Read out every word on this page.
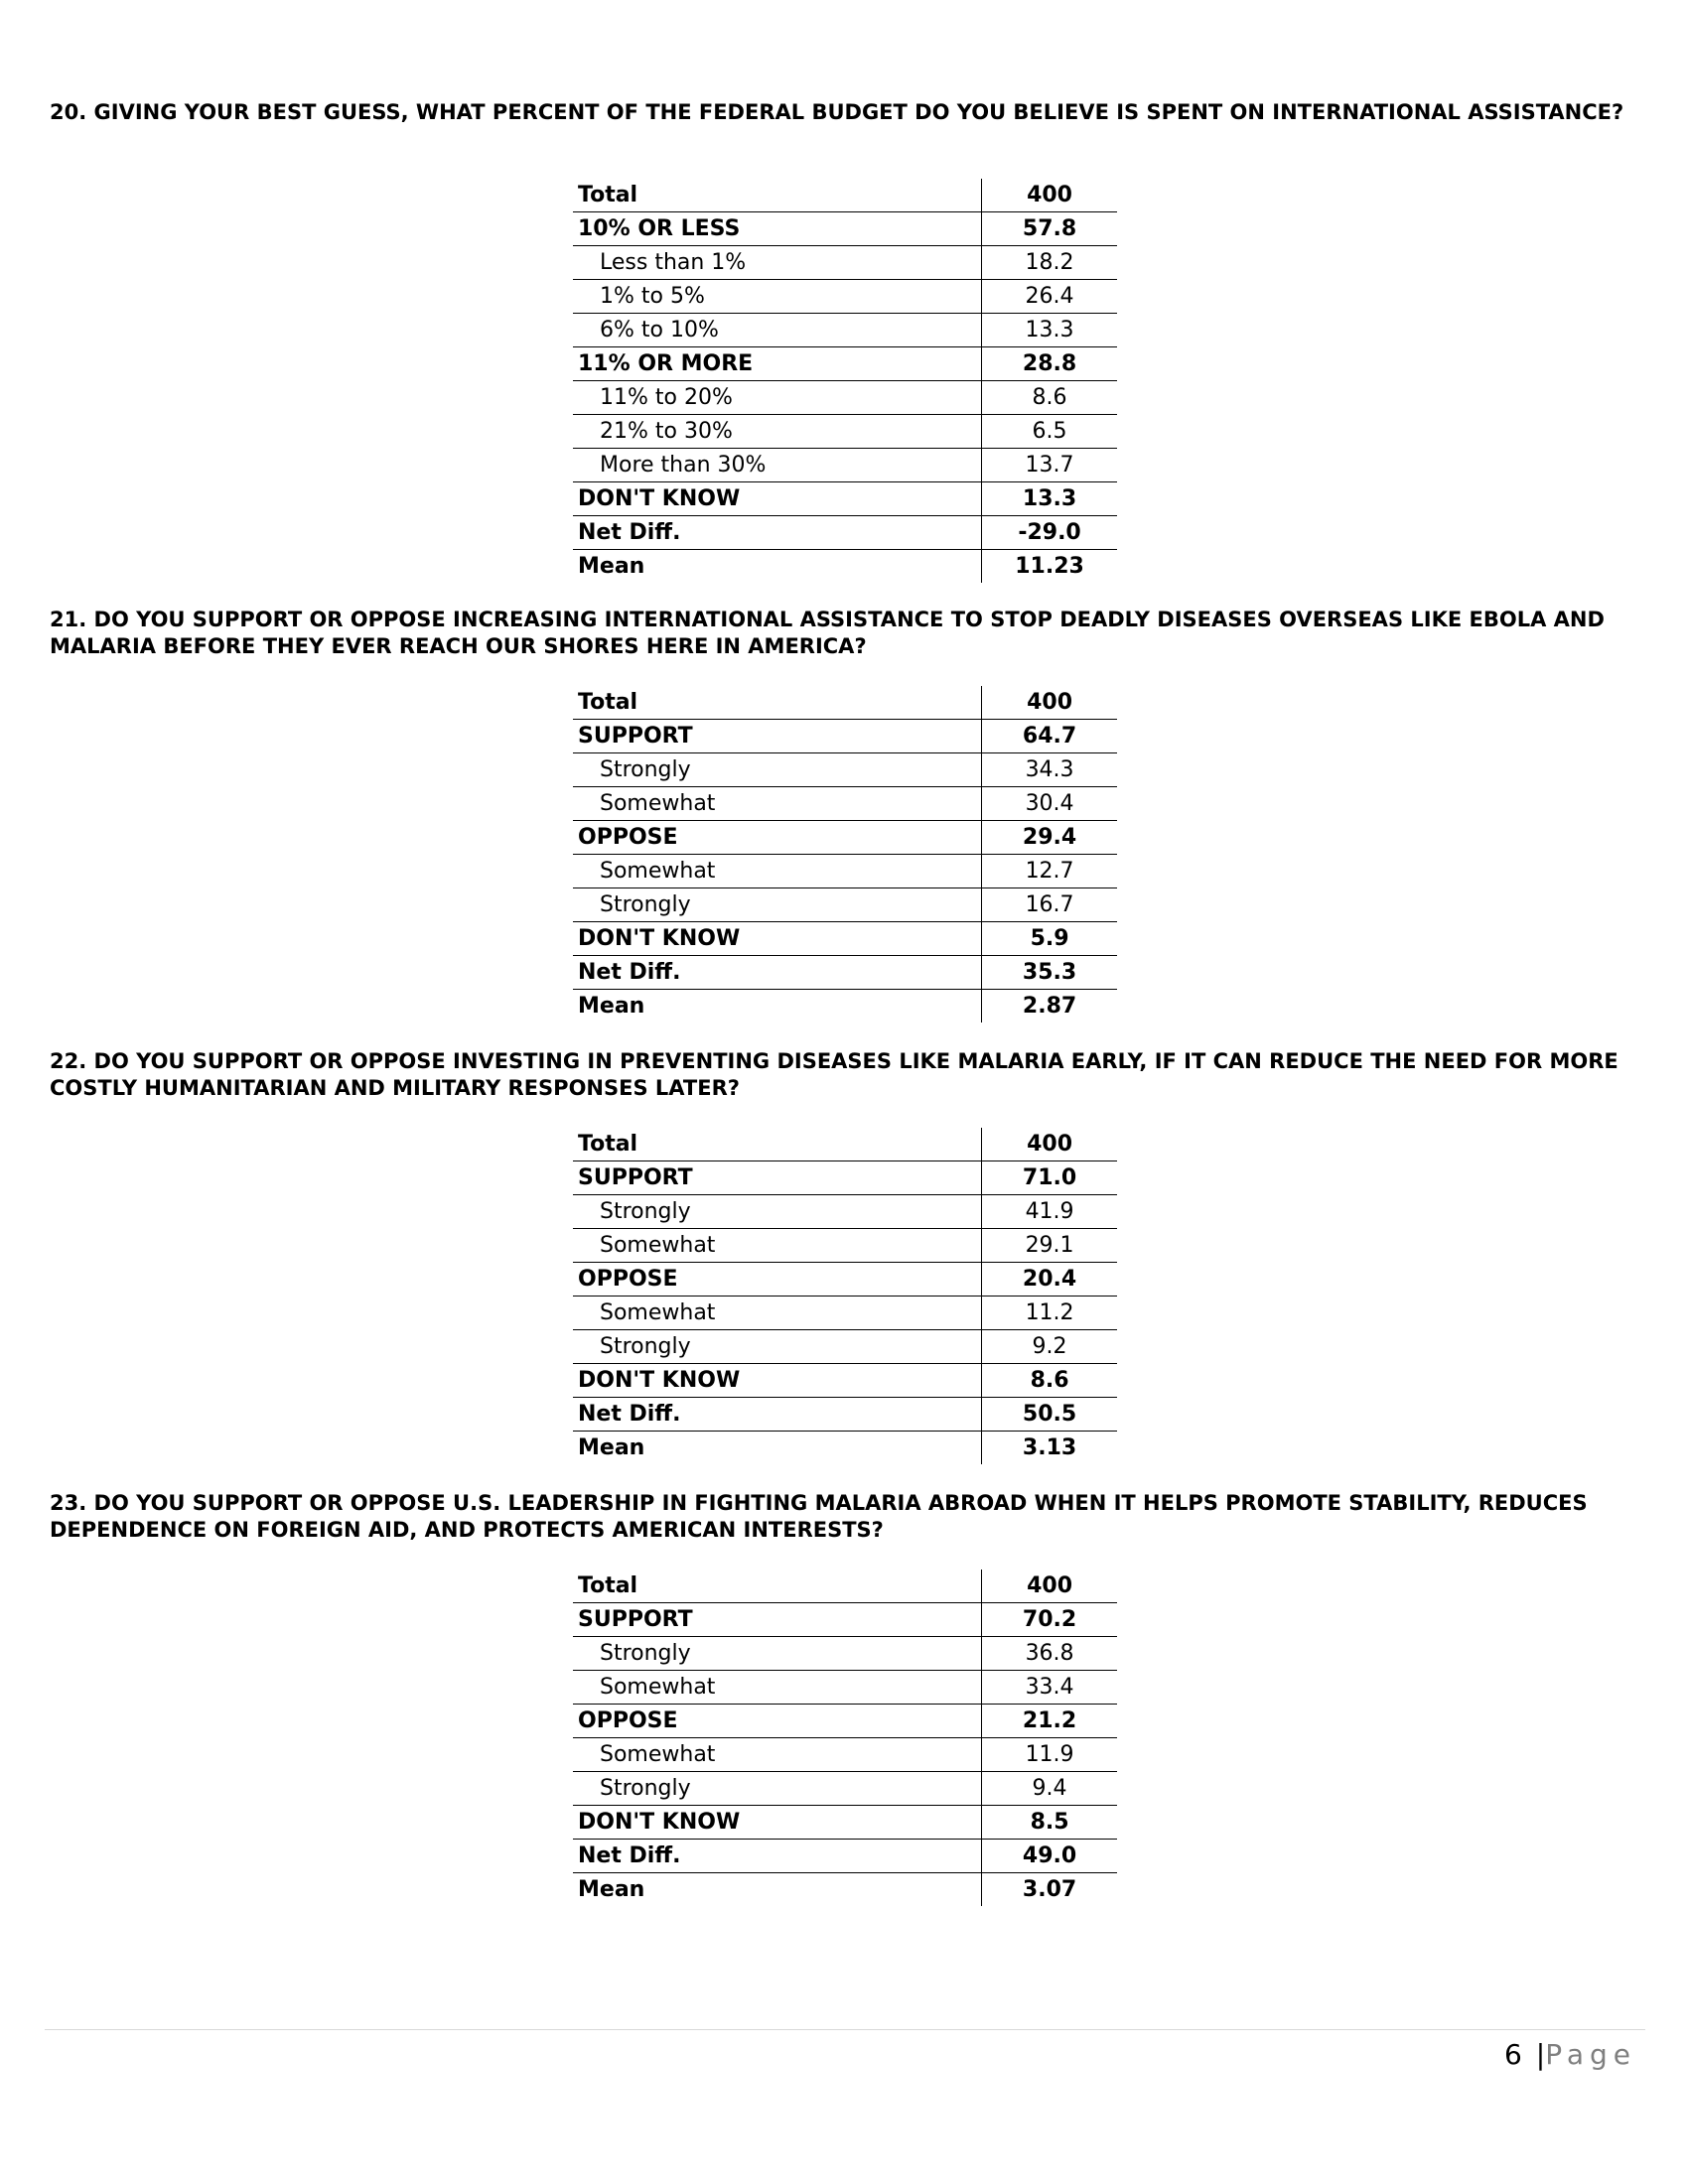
20. GIVING YOUR BEST GUESS, WHAT PERCENT OF THE FEDERAL BUDGET DO YOU BELIEVE IS SPENT ON INTERNATIONAL ASSISTANCE?

Total	400
10% OR LESS	57.8
Less than 1%	18.2
1% to 5%	26.4
6% to 10%	13.3
11% OR MORE	28.8
11% to 20%	8.6
21% to 30%	6.5
More than 30%	13.7
DON'T KNOW	13.3
Net Diff.	-29.0
Mean	11.23

21. DO YOU SUPPORT OR OPPOSE INCREASING INTERNATIONAL ASSISTANCE TO STOP DEADLY DISEASES OVERSEAS LIKE EBOLA AND MALARIA BEFORE THEY EVER REACH OUR SHORES HERE IN AMERICA?

Total	400
SUPPORT	64.7
Strongly	34.3
Somewhat	30.4
OPPOSE	29.4
Somewhat	12.7
Strongly	16.7
DON'T KNOW	5.9
Net Diff.	35.3
Mean	2.87

22. DO YOU SUPPORT OR OPPOSE INVESTING IN PREVENTING DISEASES LIKE MALARIA EARLY, IF IT CAN REDUCE THE NEED FOR MORE COSTLY HUMANITARIAN AND MILITARY RESPONSES LATER?

Total	400
SUPPORT	71.0
Strongly	41.9
Somewhat	29.1
OPPOSE	20.4
Somewhat	11.2
Strongly	9.2
DON'T KNOW	8.6
Net Diff.	50.5
Mean	3.13

23. DO YOU SUPPORT OR OPPOSE U.S. LEADERSHIP IN FIGHTING MALARIA ABROAD WHEN IT HELPS PROMOTE STABILITY, REDUCES DEPENDENCE ON FOREIGN AID, AND PROTECTS AMERICAN INTERESTS?

Total	400
SUPPORT	70.2
Strongly	36.8
Somewhat	33.4
OPPOSE	21.2
Somewhat	11.9
Strongly	9.4
DON'T KNOW	8.5
Net Diff.	49.0
Mean	3.07
6 |Page
